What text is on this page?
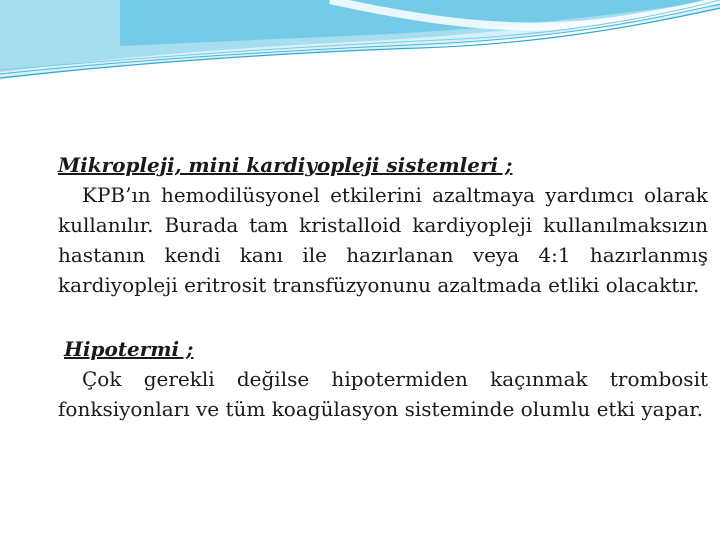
Mikropleji, mini kardiyopleji sistemleri ;

KPB’ın hemodilüsyonel etkilerini azaltmaya yardımcı olarak kullanılır. Burada tam kristalloid kardiyopleji kullanılmaksızın hastanın kendi kanı ile hazırlanan veya 4:1 hazırlanmış kardiyopleji eritrosit transfüzyonunu azaltmada etliki olacaktır.

Hipotermi ;

Çok gerekli değilse hipotermiden kaçınmak trombosit fonksiyonları ve tüm koagülasyon sisteminde olumlu etki yapar.
